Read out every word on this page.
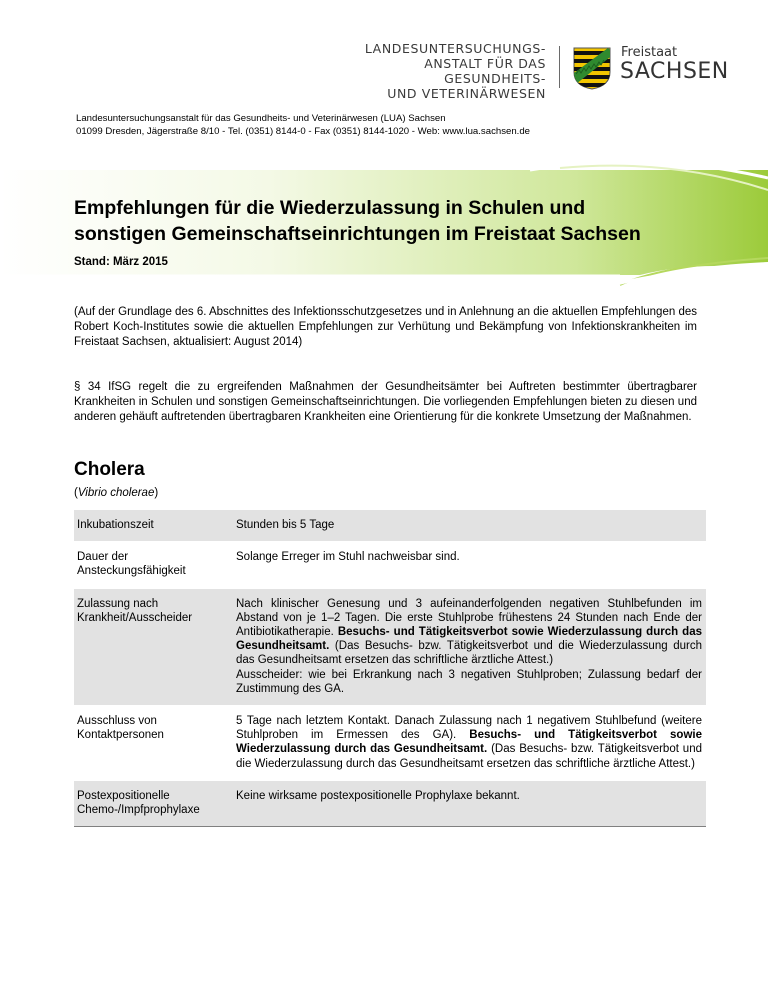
LANDESUNTERSUCHUNGS-
ANSTALT FÜR DAS GESUNDHEITS-
UND VETERINÄRWESEN
Freistaat
SACHSEN
Landesuntersuchungsanstalt für das Gesundheits- und Veterinärwesen (LUA) Sachsen
01099 Dresden, Jägerstraße 8/10 - Tel. (0351) 8144-0 - Fax (0351) 8144-1020 - Web: www.lua.sachsen.de
Empfehlungen für die Wiederzulassung in Schulen und
sonstigen Gemeinschaftseinrichtungen im Freistaat Sachsen
Stand: März 2015
(Auf der Grundlage des 6. Abschnittes des Infektionsschutzgesetzes und in Anlehnung an die aktuellen Empfehlungen des Robert Koch-Institutes sowie die aktuellen Empfehlungen zur Verhütung und Bekämpfung von Infektionskrankheiten im Freistaat Sachsen, aktualisiert: August 2014)
§ 34 IfSG regelt die zu ergreifenden Maßnahmen der Gesundheitsämter bei Auftreten bestimmter übertragbarer Krankheiten in Schulen und sonstigen Gemeinschaftseinrichtungen. Die vorliegenden Empfehlungen bieten zu diesen und anderen gehäuft auftretenden übertragbaren Krankheiten eine Orientierung für die konkrete Umsetzung der Maßnahmen.
Cholera
(Vibrio cholerae)
Inkubationszeit	Stunden bis 5 Tage
Dauer der Ansteckungsfähigkeit	Solange Erreger im Stuhl nachweisbar sind.
Zulassung nach Krankheit/Ausscheider	Nach klinischer Genesung und 3 aufeinanderfolgenden negativen Stuhlbefunden im Abstand von je 1–2 Tagen. Die erste Stuhlprobe frühestens 24 Stunden nach Ende der Antibiotikatherapie. Besuchs- und Tätigkeitsverbot sowie Wiederzulassung durch das Gesundheitsamt. (Das Besuchs- bzw. Tätigkeitsverbot und die Wiederzulassung durch das Gesundheitsamt ersetzen das schriftliche ärztliche Attest.)
Ausscheider: wie bei Erkrankung nach 3 negativen Stuhlproben; Zulassung bedarf der Zustimmung des GA.
Ausschluss von Kontaktpersonen	5 Tage nach letztem Kontakt. Danach Zulassung nach 1 negativem Stuhlbefund (weitere Stuhlproben im Ermessen des GA). Besuchs- und Tätigkeitsverbot sowie Wiederzulassung durch das Gesundheitsamt. (Das Besuchs- bzw. Tätigkeitsverbot und die Wiederzulassung durch das Gesundheitsamt ersetzen das schriftliche ärztliche Attest.)
Postexpositionelle Chemo-/Impfprophylaxe	Keine wirksame postexpositionelle Prophylaxe bekannt.
